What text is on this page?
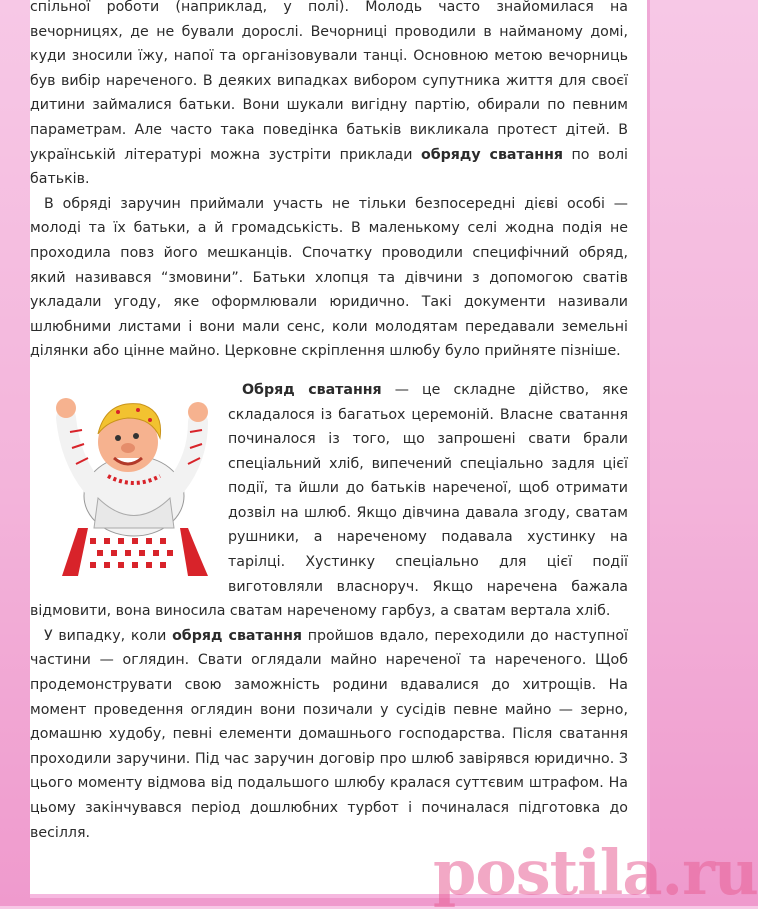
спільної роботи (наприклад, у полі). Молодь часто знайомилася на вечорницях, де не бували дорослі. Вечорниці проводили в найманому домі, куди зносили їжу, напої та організовували танці. Основною метою вечорниць був вибір нареченого. В деяких випадках вибором супутника життя для своєї дитини займалися батьки. Вони шукали вигідну партію, обирали по певним параметрам. Але часто така поведінка батьків викликала протест дітей. В українській літературі можна зустріти приклади обряду сватання по волі батьків.

В обряді заручин приймали участь не тільки безпосередні дієві особі — молоді та їх батьки, а й громадськість. В маленькому селі жодна подія не проходила повз його мешканців. Спочатку проводили специфічний обряд, який називався “змовини”. Батьки хлопця та дівчини з допомогою сватів укладали угоду, яке оформлювали юридично. Такі документи називали шлюбними листами і вони мали сенс, коли молодятам передавали земельні ділянки або цінне майно. Церковне скріплення шлюбу було прийняте пізніше.

Обряд сватання — це складне дійство, яке складалося із багатьох церемоній. Власне сватання починалося із того, що запрошені свати брали спеціальний хліб, випечений спеціально задля цієї події, та йшли до батьків нареченої, щоб отримати дозвіл на шлюб. Якщо дівчина давала згоду, сватам рушники, а нареченому подавала хустинку на тарілці. Хустинку спеціально для цієї події виготовляли власноруч. Якщо наречена бажала відмовити, вона виносила сватам нареченому гарбуз, а сватам вертала хліб.

У випадку, коли обряд сватання пройшов вдало, переходили до наступної частини — оглядин. Свати оглядали майно нареченої та нареченого. Щоб продемонструвати свою заможність родини вдавалися до хитрощів. На момент проведення оглядин вони позичали у сусідів певне майно — зерно, домашню худобу, певні елементи домашнього господарства. Після сватання проходили заручини. Під час заручин договір про шлюб завірявся юридично. З цього моменту відмова від подальшого шлюбу кралася суттєвим штрафом. На цьому закінчувався період дошлюбних турбот і починалася підготовка до весілля.

postila.ru
